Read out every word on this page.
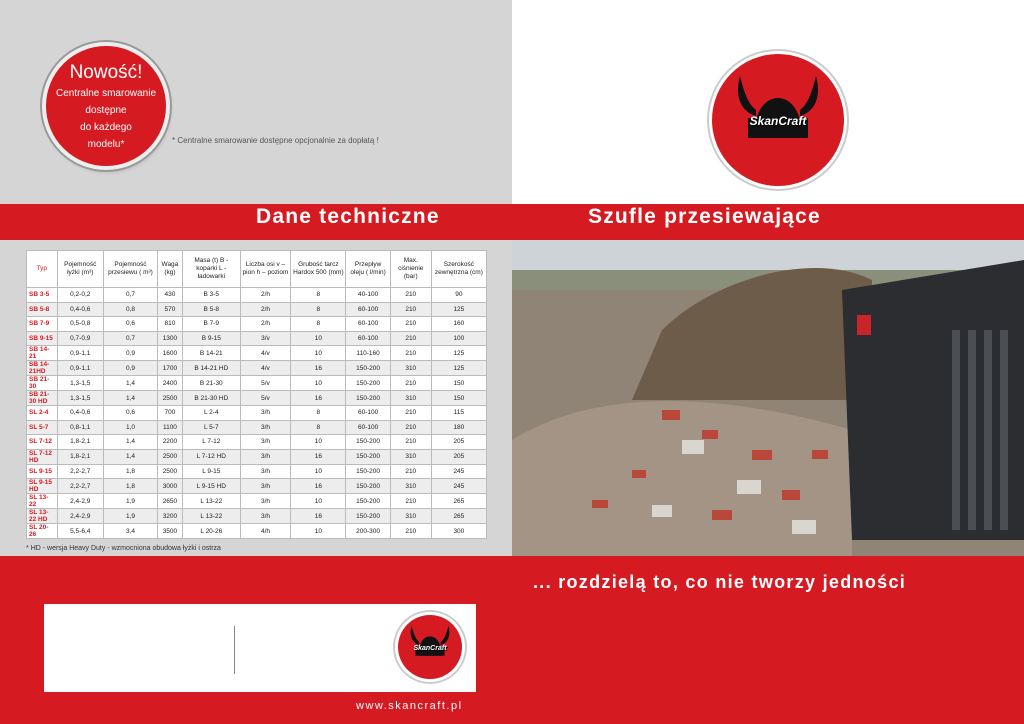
Nowość!
Centralne smarowanie
dostępne
do każdego
modelu*	* Centralne smarowanie dostępne opcjonalnie za dopłatą !
SkanCraft
Dane techniczne	Szufle przesiewające
Typ	Pojemność łyżki (m³)	Pojemność przesiewu ( m³)	Waga (kg)	Masa (t) B - koparki L - ładowarki	Liczba osi v – pion h – poziom	Grubość tarcz Hardox 500 (mm)	Przepływ oleju ( l/min)	Max. ciśnienie (bar)	Szerokość zewnętrzna (cm)
SB 3-5	0,2-0,2	0,7	430	B 3-5	2/h	8	40-100	210	90
SB 5-8	0,4-0,6	0,8	570	B 5-8	2/h	8	60-100	210	125
SB 7-9	0,5-0,8	0,6	810	B 7-9	2/h	8	60-100	210	160
SB 9-15	0,7-0,9	0,7	1300	B 9-15	3/v	10	60-100	210	100
SB 14-21	0,9-1,1	0,9	1600	B 14-21	4/v	10	110-160	210	125
SB 14-21HD	0,9-1,1	0,9	1700	B 14-21 HD	4/v	16	150-200	310	125
SB 21-30	1,3-1,5	1,4	2400	B 21-30	5/v	10	150-200	210	150
SB 21-30 HD	1,3-1,5	1,4	2500	B 21-30 HD	5/v	16	150-200	310	150
SL 2-4	0,4-0,6	0,6	700	L 2-4	3/h	8	60-100	210	115
SL 5-7	0,8-1,1	1,0	1100	L 5-7	3/h	8	60-100	210	180
SL 7-12	1,8-2,1	1,4	2200	L 7-12	3/h	10	150-200	210	205
SL 7-12 HD	1,8-2,1	1,4	2500	L 7-12 HD	3/h	16	150-200	310	205
SL 9-15	2,2-2,7	1,8	2500	L 9-15	3/h	10	150-200	210	245
SL 9-15 HD	2,2-2,7	1,8	3000	L 9-15 HD	3/h	16	150-200	310	245
SL 13-22	2,4-2,9	1,9	2650	L 13-22	3/h	10	150-200	210	265
SL 13-22 HD	2,4-2,9	1,9	3200	L 13-22	3/h	16	150-200	310	265
SL 20-26	5,5-6,4	3,4	3500	L 20-26	4/h	10	200-300	210	300
* HD - wersja Heavy Duty - wzmocniona obudowa łyżki i ostrza
... rozdzielą to, co nie tworzy jedności
SkanCraft
www.skancraft.pl
